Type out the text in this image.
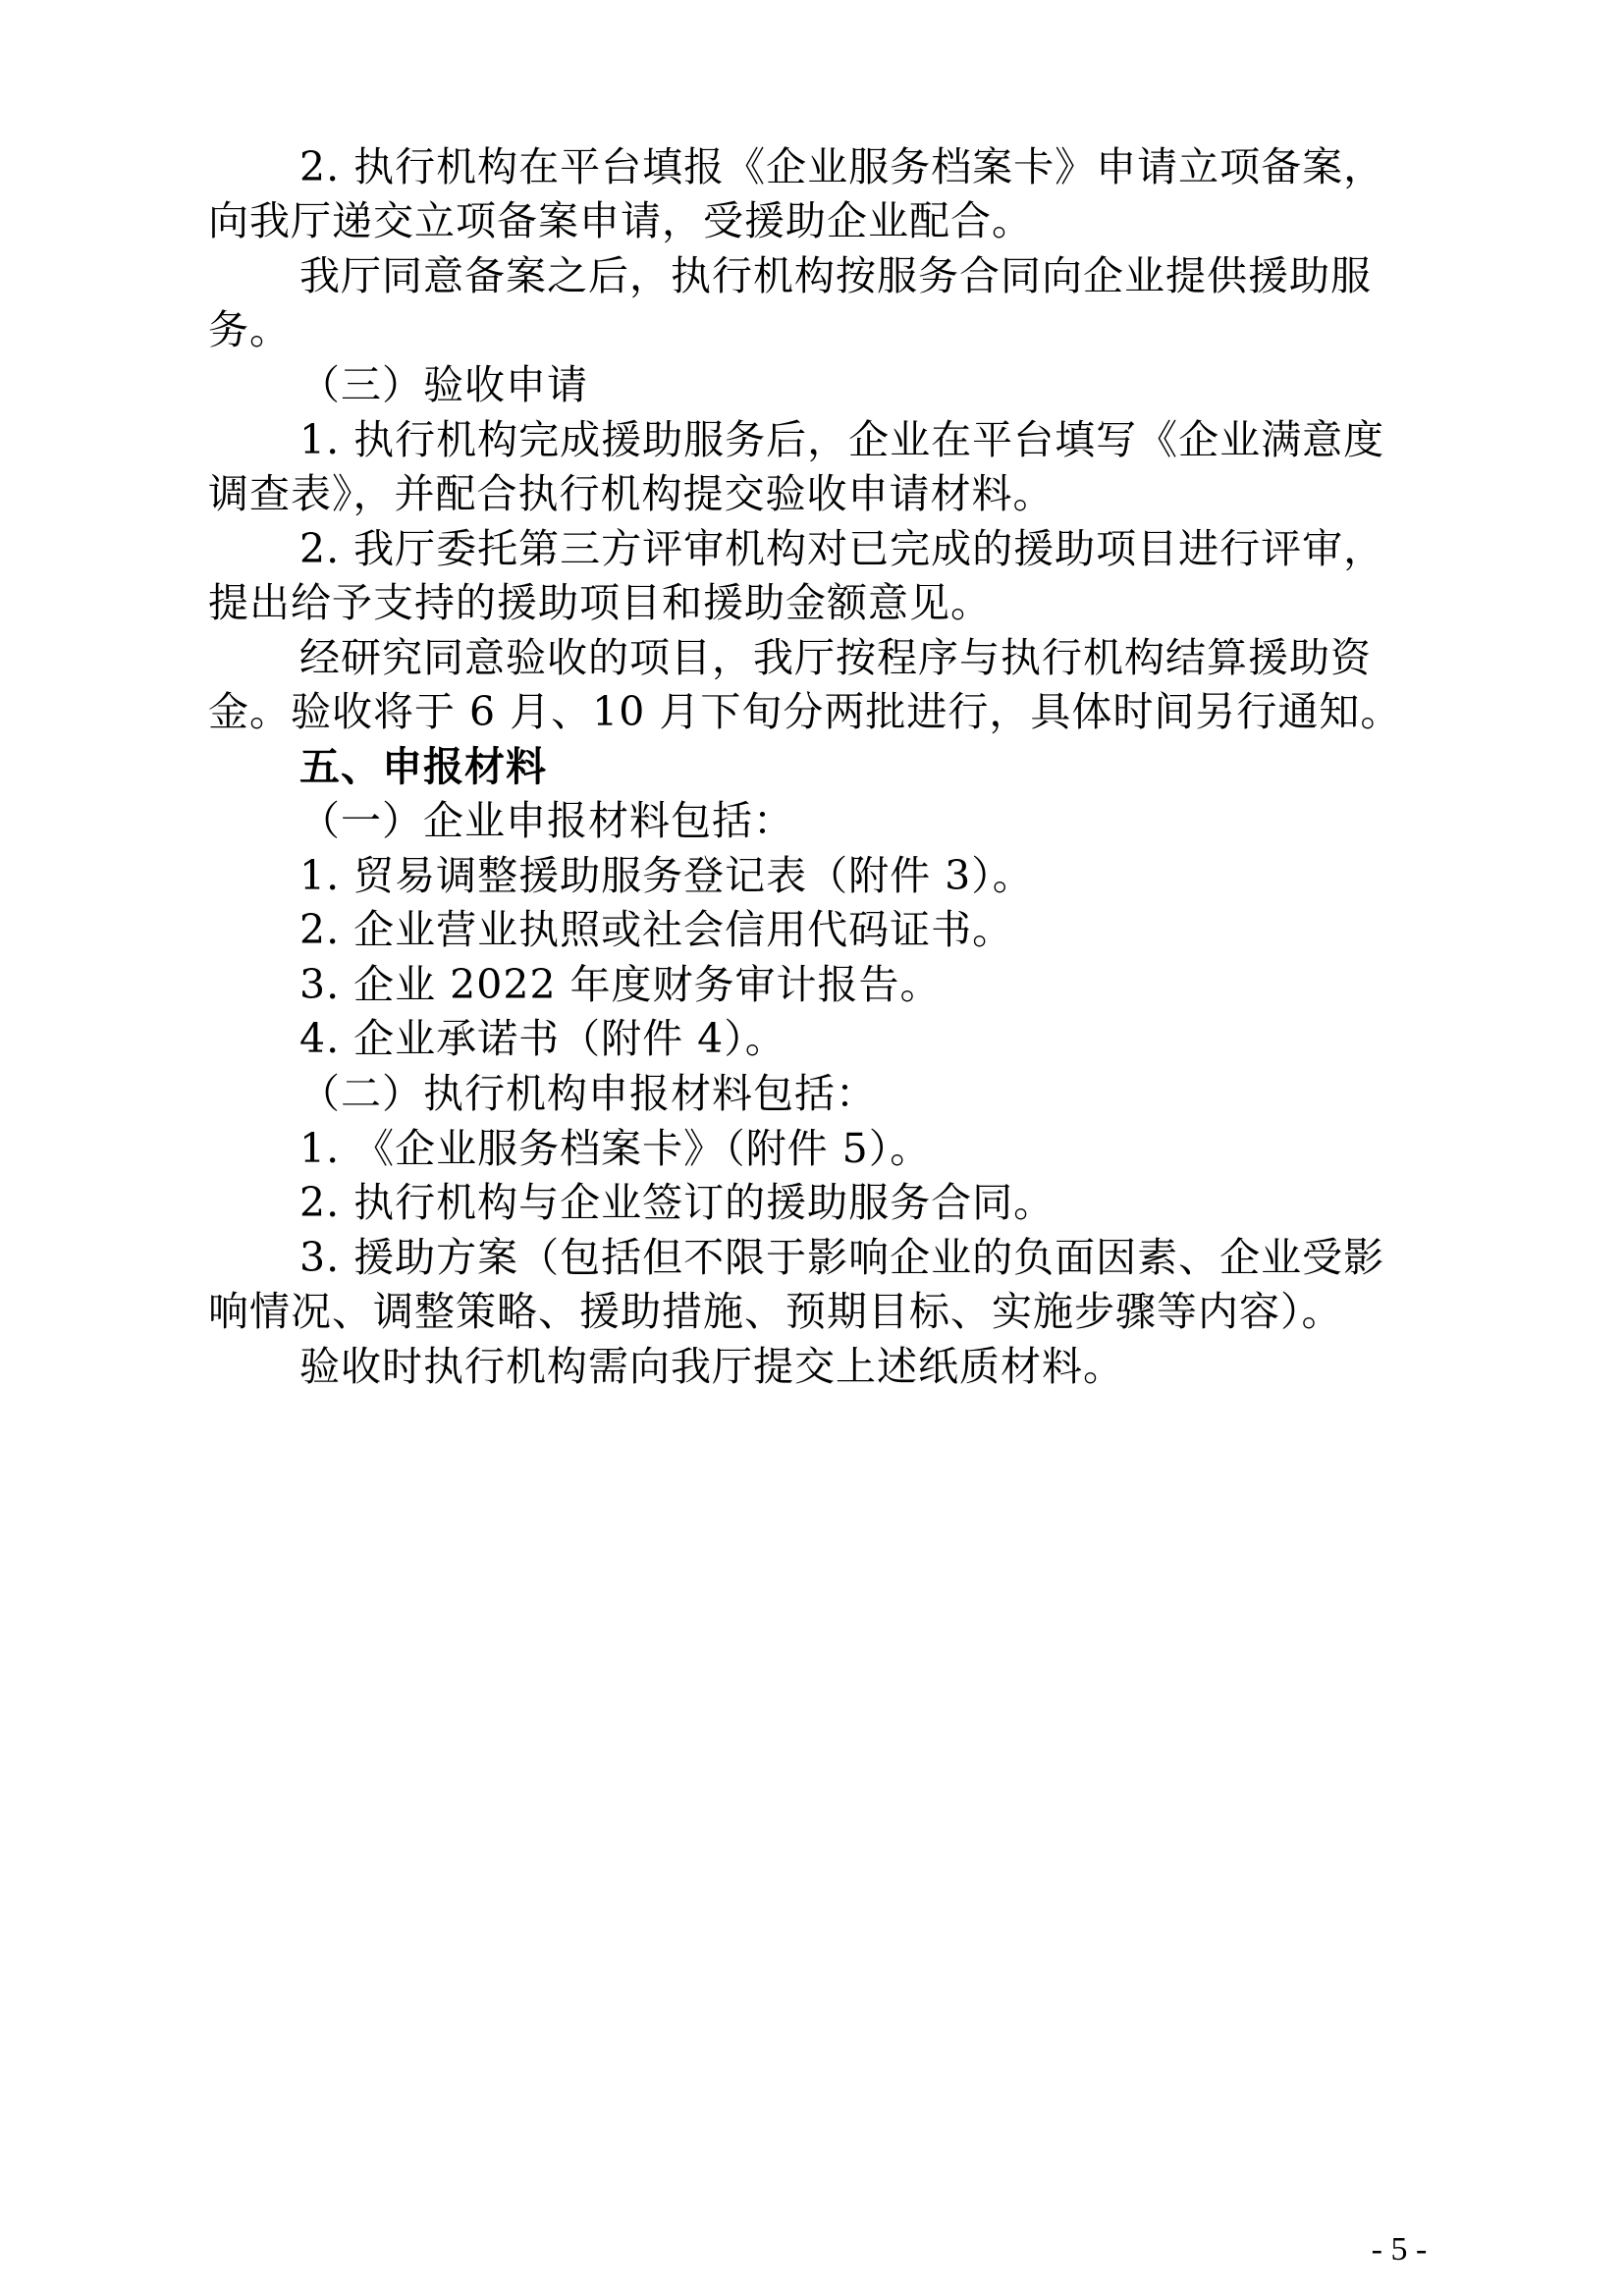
2. 执行机构在平台填报《企业服务档案卡》申请立项备案，
向我厅递交立项备案申请，受援助企业配合。
我厅同意备案之后，执行机构按服务合同向企业提供援助服
务。
（三）验收申请
1. 执行机构完成援助服务后，企业在平台填写《企业满意度
调查表》，并配合执行机构提交验收申请材料。
2. 我厅委托第三方评审机构对已完成的援助项目进行评审，
提出给予支持的援助项目和援助金额意见。
经研究同意验收的项目，我厅按程序与执行机构结算援助资
金。验收将于 6 月、10 月下旬分两批进行，具体时间另行通知。
五、申报材料
（一）企业申报材料包括：
1. 贸易调整援助服务登记表（附件 3）。
2. 企业营业执照或社会信用代码证书。
3. 企业 2022 年度财务审计报告。
4. 企业承诺书（附件 4）。
（二）执行机构申报材料包括：
1. 《企业服务档案卡》（附件 5）。
2. 执行机构与企业签订的援助服务合同。
3. 援助方案（包括但不限于影响企业的负面因素、企业受影
响情况、调整策略、援助措施、预期目标、实施步骤等内容）。
验收时执行机构需向我厅提交上述纸质材料。
- 5 -
